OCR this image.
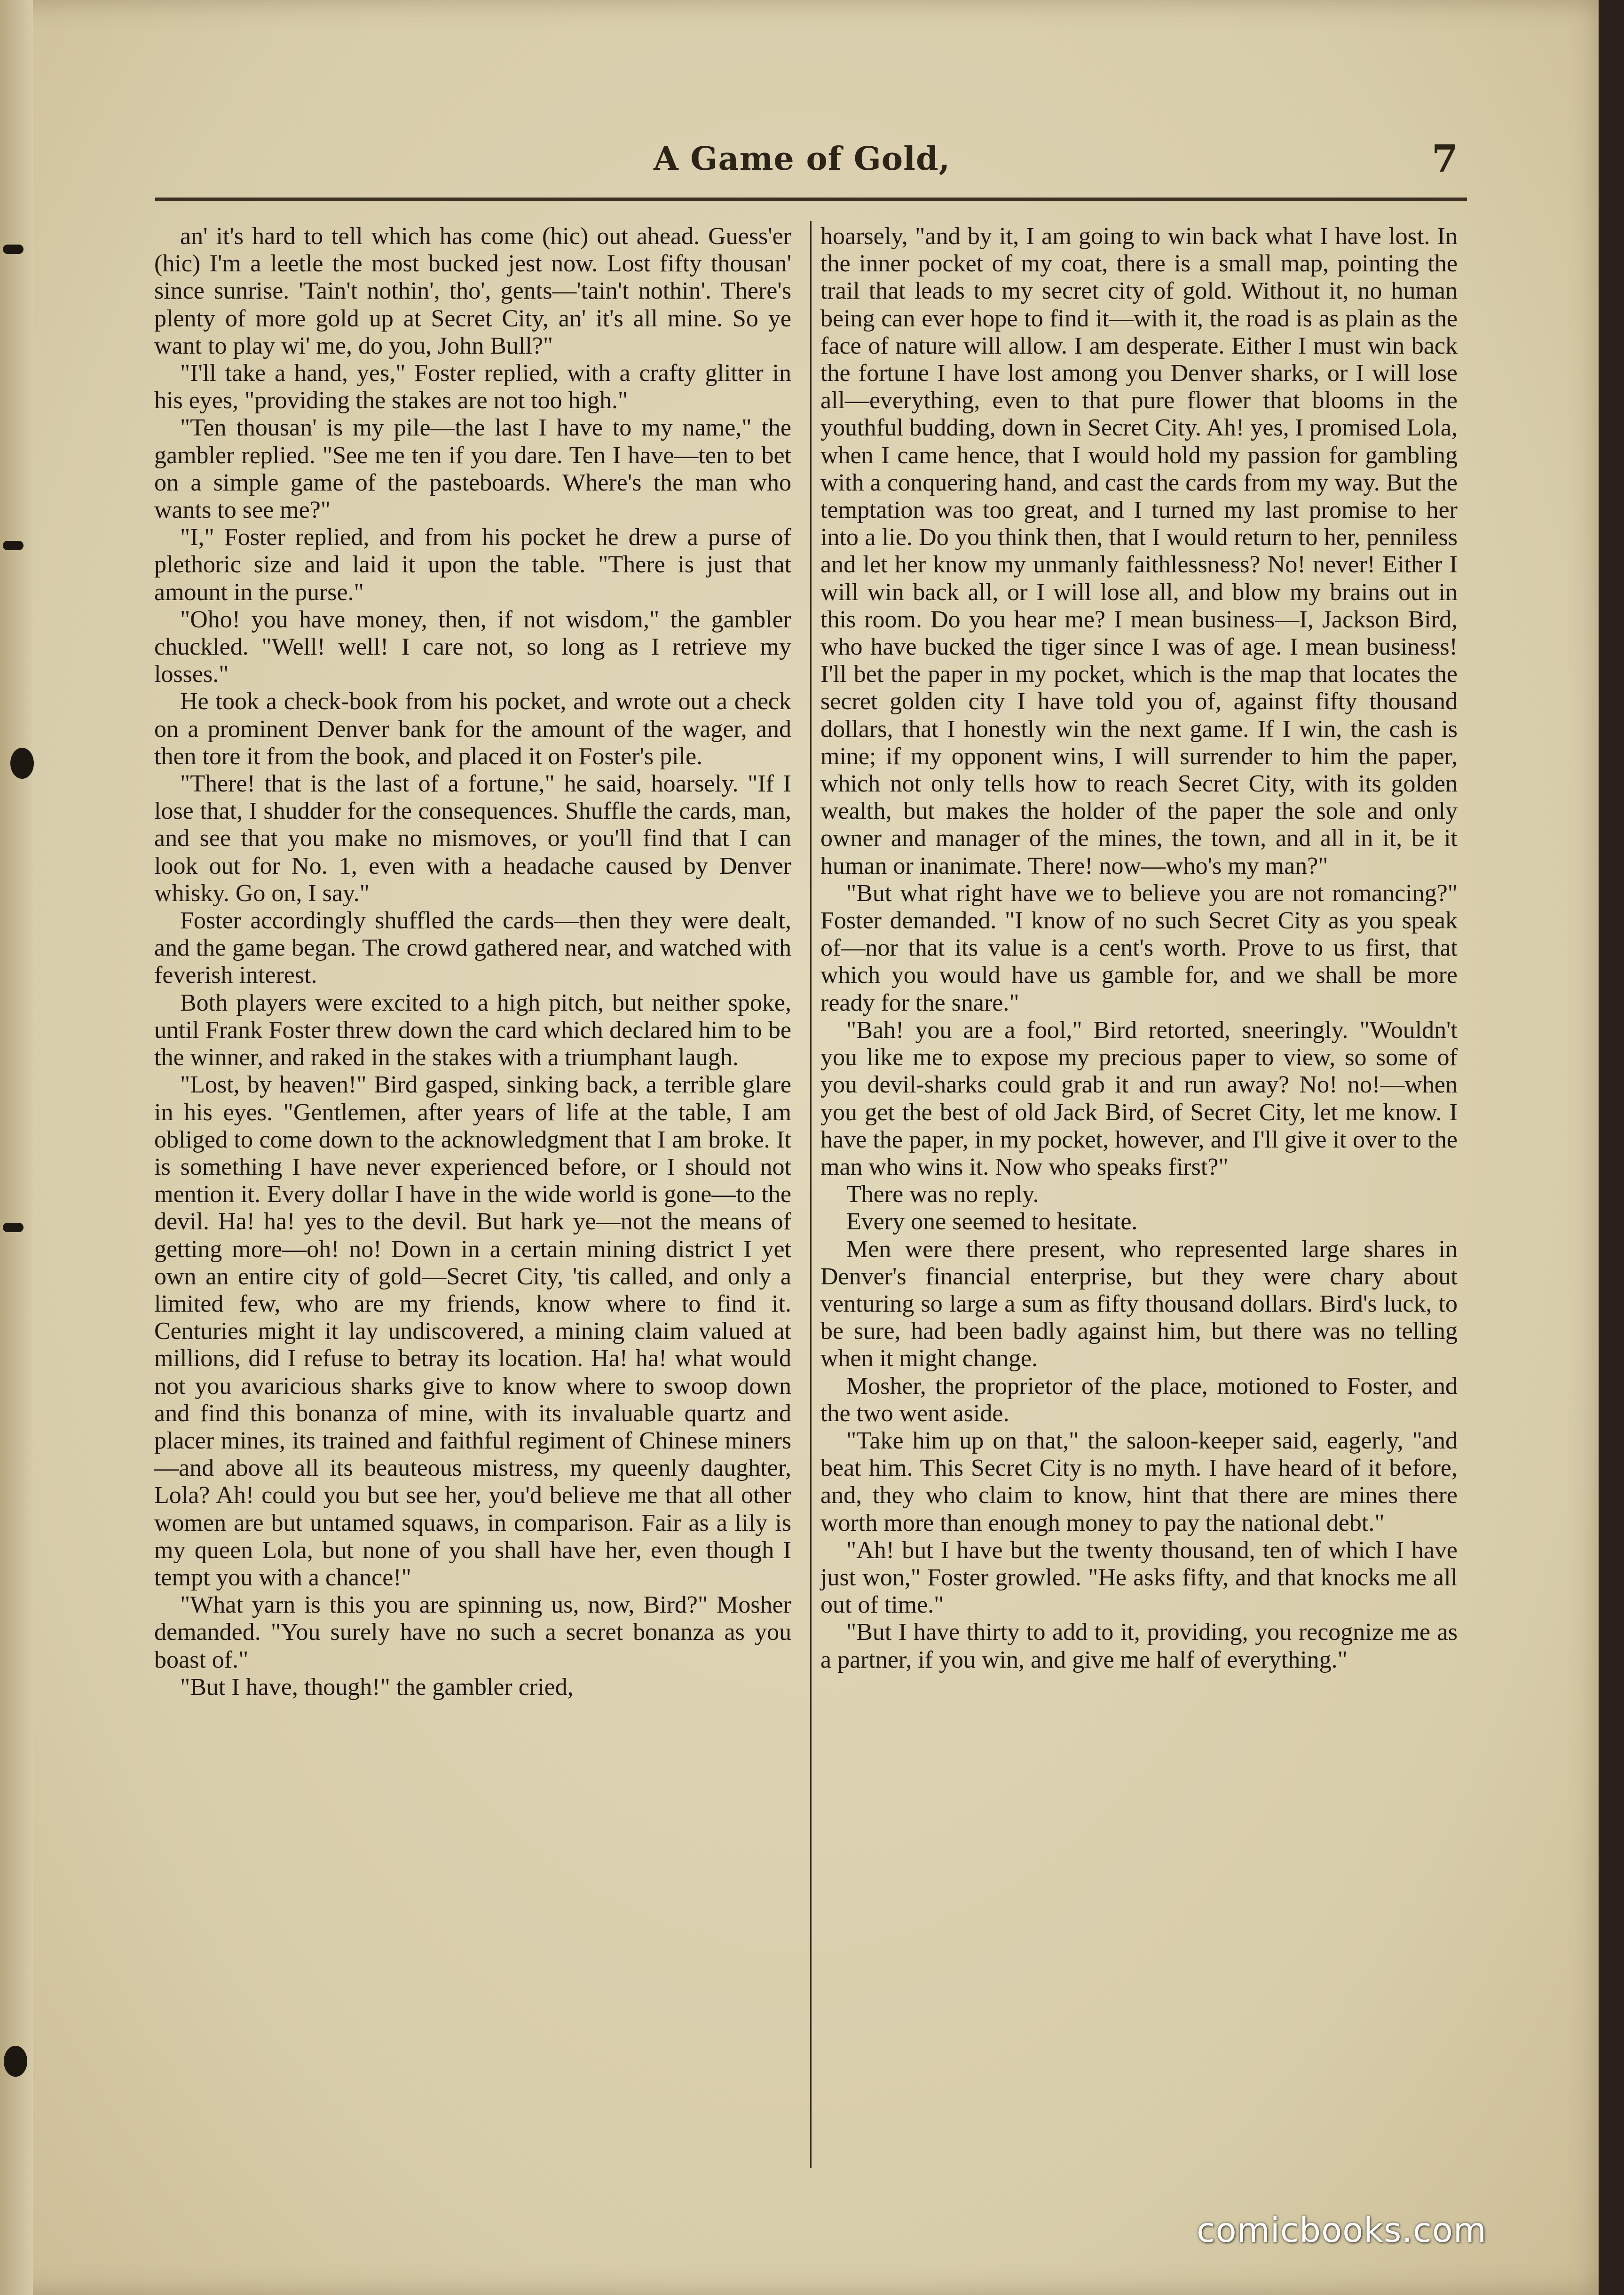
A Game of Gold,	7

an' it's hard to tell which has come (hic) out ahead. Guess'er (hic) I'm a leetle the most bucked jest now. Lost fifty thousan' since sunrise. 'Tain't nothin', tho', gents—'tain't nothin'. There's plenty of more gold up at Secret City, an' it's all mine. So ye want to play wi' me, do you, John Bull?"

"I'll take a hand, yes," Foster replied, with a crafty glitter in his eyes, "providing the stakes are not too high."

"Ten thousan' is my pile—the last I have to my name," the gambler replied. "See me ten if you dare. Ten I have—ten to bet on a simple game of the pasteboards. Where's the man who wants to see me?"

"I," Foster replied, and from his pocket he drew a purse of plethoric size and laid it upon the table. "There is just that amount in the purse."

"Oho! you have money, then, if not wisdom," the gambler chuckled. "Well! well! I care not, so long as I retrieve my losses."

He took a check-book from his pocket, and wrote out a check on a prominent Denver bank for the amount of the wager, and then tore it from the book, and placed it on Foster's pile.

"There! that is the last of a fortune," he said, hoarsely. "If I lose that, I shudder for the consequences. Shuffle the cards, man, and see that you make no mismoves, or you'll find that I can look out for No. 1, even with a headache caused by Denver whisky. Go on, I say."

Foster accordingly shuffled the cards—then they were dealt, and the game began. The crowd gathered near, and watched with feverish interest.

Both players were excited to a high pitch, but neither spoke, until Frank Foster threw down the card which declared him to be the winner, and raked in the stakes with a triumphant laugh.

"Lost, by heaven!" Bird gasped, sinking back, a terrible glare in his eyes. "Gentlemen, after years of life at the table, I am obliged to come down to the acknowledgment that I am broke. It is something I have never experienced before, or I should not mention it. Every dollar I have in the wide world is gone—to the devil. Ha! ha! yes to the devil. But hark ye—not the means of getting more—oh! no! Down in a certain mining district I yet own an entire city of gold—Secret City, 'tis called, and only a limited few, who are my friends, know where to find it. Centuries might it lay undiscovered, a mining claim valued at millions, did I refuse to betray its location. Ha! ha! what would not you avaricious sharks give to know where to swoop down and find this bonanza of mine, with its invaluable quartz and placer mines, its trained and faithful regiment of Chinese miners—and above all its beauteous mistress, my queenly daughter, Lola? Ah! could you but see her, you'd believe me that all other women are but untamed squaws, in comparison. Fair as a lily is my queen Lola, but none of you shall have her, even though I tempt you with a chance!"

"What yarn is this you are spinning us, now, Bird?" Mosher demanded. "You surely have no such a secret bonanza as you boast of."

"But I have, though!" the gambler cried,

hoarsely, "and by it, I am going to win back what I have lost. In the inner pocket of my coat, there is a small map, pointing the trail that leads to my secret city of gold. Without it, no human being can ever hope to find it—with it, the road is as plain as the face of nature will allow. I am desperate. Either I must win back the fortune I have lost among you Denver sharks, or I will lose all—everything, even to that pure flower that blooms in the youthful budding, down in Secret City. Ah! yes, I promised Lola, when I came hence, that I would hold my passion for gambling with a conquering hand, and cast the cards from my way. But the temptation was too great, and I turned my last promise to her into a lie. Do you think then, that I would return to her, penniless and let her know my unmanly faithlessness? No! never! Either I will win back all, or I will lose all, and blow my brains out in this room. Do you hear me? I mean business—I, Jackson Bird, who have bucked the tiger since I was of age. I mean business! I'll bet the paper in my pocket, which is the map that locates the secret golden city I have told you of, against fifty thousand dollars, that I honestly win the next game. If I win, the cash is mine; if my opponent wins, I will surrender to him the paper, which not only tells how to reach Secret City, with its golden wealth, but makes the holder of the paper the sole and only owner and manager of the mines, the town, and all in it, be it human or inanimate. There! now—who's my man?"

"But what right have we to believe you are not romancing?" Foster demanded. "I know of no such Secret City as you speak of—nor that its value is a cent's worth. Prove to us first, that which you would have us gamble for, and we shall be more ready for the snare."

"Bah! you are a fool," Bird retorted, sneeringly. "Wouldn't you like me to expose my precious paper to view, so some of you devil-sharks could grab it and run away? No! no!—when you get the best of old Jack Bird, of Secret City, let me know. I have the paper, in my pocket, however, and I'll give it over to the man who wins it. Now who speaks first?"

There was no reply.

Every one seemed to hesitate.

Men were there present, who represented large shares in Denver's financial enterprise, but they were chary about venturing so large a sum as fifty thousand dollars. Bird's luck, to be sure, had been badly against him, but there was no telling when it might change.

Mosher, the proprietor of the place, motioned to Foster, and the two went aside.

"Take him up on that," the saloon-keeper said, eagerly, "and beat him. This Secret City is no myth. I have heard of it before, and, they who claim to know, hint that there are mines there worth more than enough money to pay the national debt."

"Ah! but I have but the twenty thousand, ten of which I have just won," Foster growled. "He asks fifty, and that knocks me all out of time."

"But I have thirty to add to it, providing, you recognize me as a partner, if you win, and give me half of everything."

comicbooks.com
